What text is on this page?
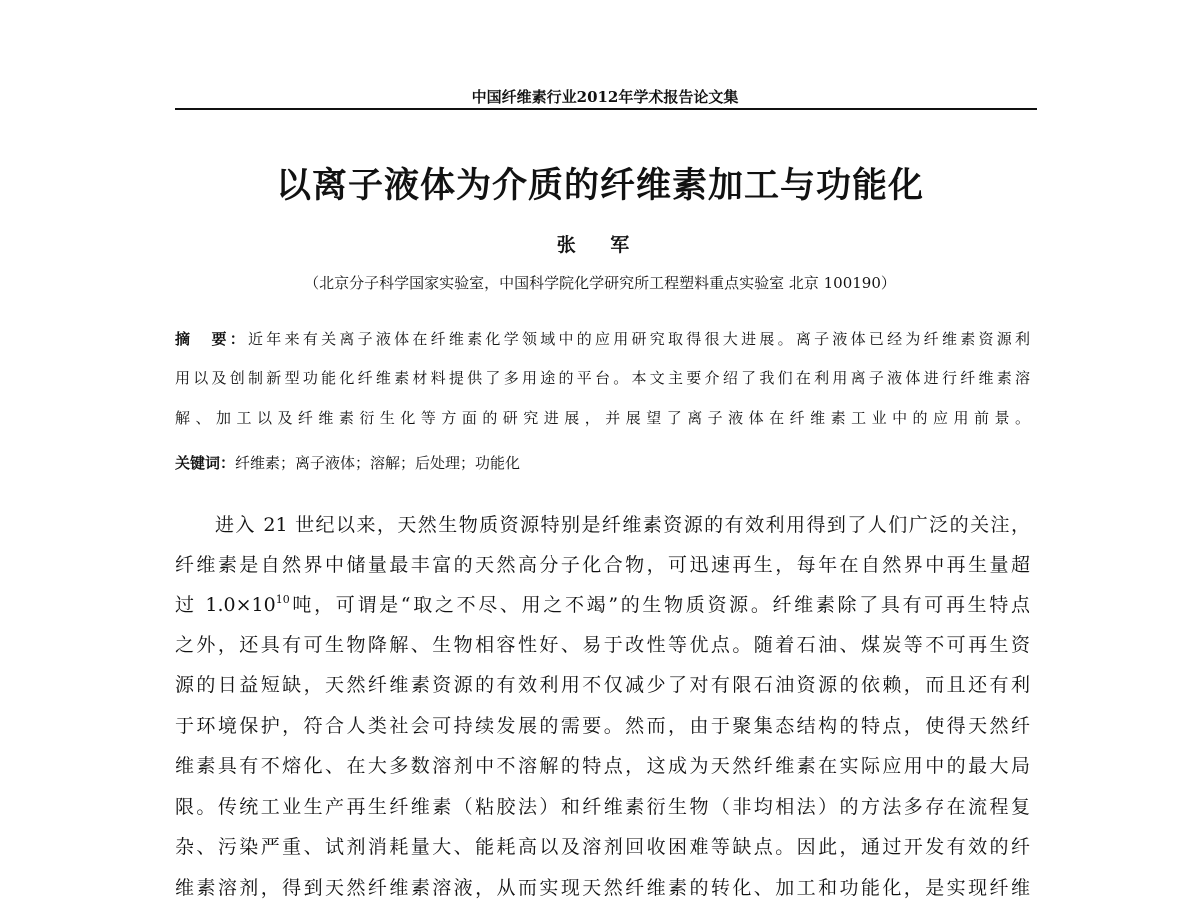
中国纤维素行业2012年学术报告论文集
以离子液体为介质的纤维素加工与功能化
张 军
（北京分子科学国家实验室，中国科学院化学研究所工程塑料重点实验室 北京 100190）
摘　要：近年来有关离子液体在纤维素化学领域中的应用研究取得很大进展。离子液体已经为纤维素资源利
用以及创制新型功能化纤维素材料提供了多用途的平台。本文主要介绍了我们在利用离子液体进行纤维素溶
解、加工以及纤维素衍生化等方面的研究进展，并展望了离子液体在纤维素工业中的应用前景。
关键词：纤维素；离子液体；溶解；后处理；功能化
进入 21 世纪以来，天然生物质资源特别是纤维素资源的有效利用得到了人们广泛的关注，
纤维素是自然界中储量最丰富的天然高分子化合物，可迅速再生，每年在自然界中再生量超
过 $1.0\times 10^{10}$吨，可谓是“取之不尽、用之不竭”的生物质资源。纤维素除了具有可再生特点
之外，还具有可生物降解、生物相容性好、易于改性等优点。随着石油、煤炭等不可再生资
源的日益短缺，天然纤维素资源的有效利用不仅减少了对有限石油资源的依赖，而且还有利
于环境保护，符合人类社会可持续发展的需要。然而，由于聚集态结构的特点，使得天然纤
维素具有不熔化、在大多数溶剂中不溶解的特点，这成为天然纤维素在实际应用中的最大局
限。传统工业生产再生纤维素（粘胶法）和纤维素衍生物（非均相法）的方法多存在流程复
杂、污染严重、试剂消耗量大、能耗高以及溶剂回收困难等缺点。因此，通过开发有效的纤
维素溶剂，得到天然纤维素溶液，从而实现天然纤维素的转化、加工和功能化，是实现纤维
